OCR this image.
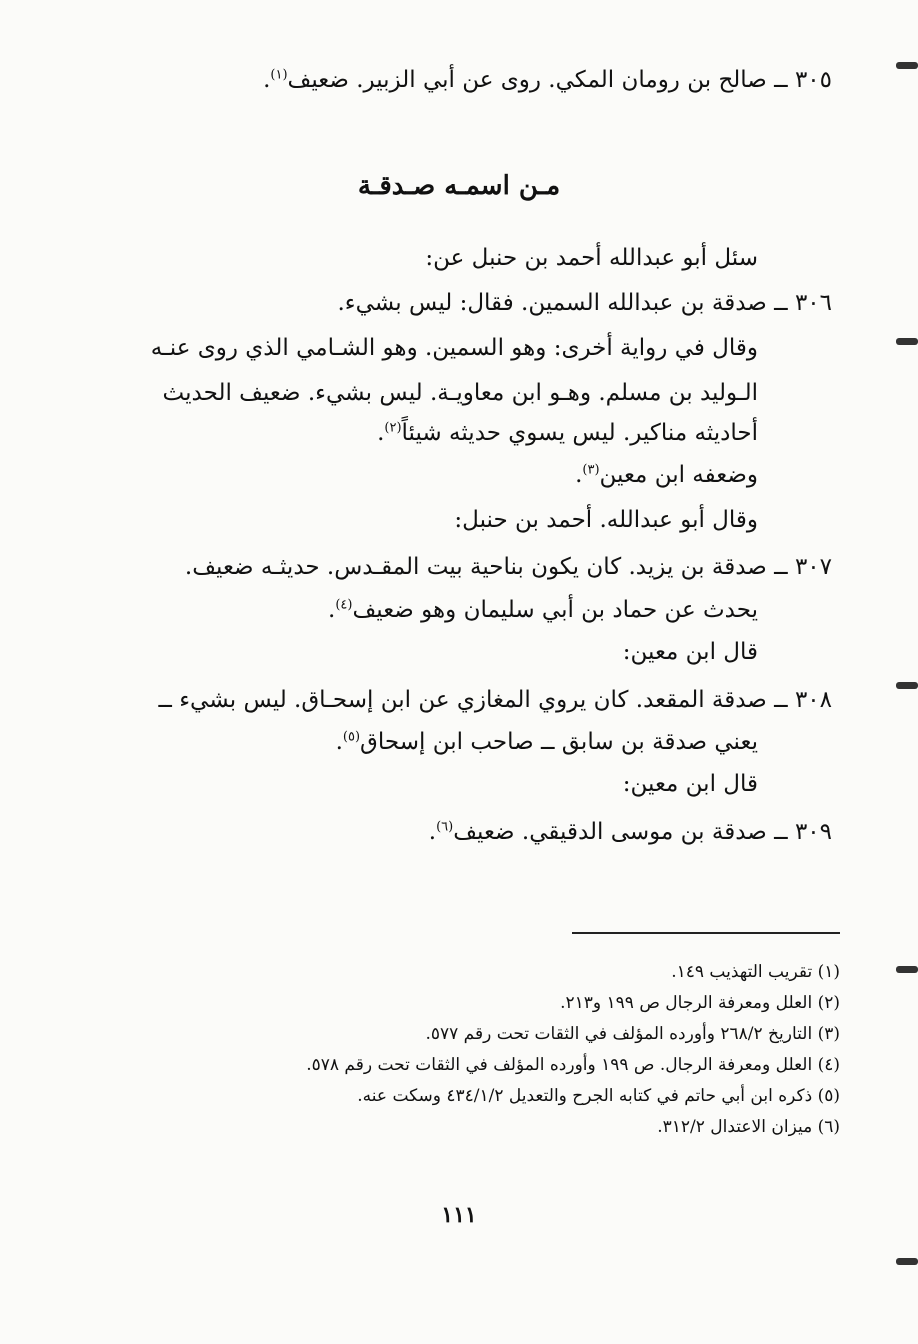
٣٠٥ ــ صالح بن رومان المكي. روى عن أبي الزبير. ضعيف$^{(١)}$.
مـن اسمـه صـدقـة
سئل أبو عبدالله أحمد بن حنبل عن:
٣٠٦ ــ صدقة بن عبدالله السمين. فقال: ليس بشيء.
وقال في رواية أخرى: وهو السمين. وهو الشـامي الذي روى عنـه
الـوليد بن مسلم. وهـو ابن معاويـة. ليس بشيء. ضعيف الحديث
أحاديثه مناكير. ليس يسوي حديثه شيئاً$^{(٢)}$.
وضعفه ابن معين$^{(٣)}$.
وقال أبو عبدالله. أحمد بن حنبل:
٣٠٧ ــ صدقة بن يزيد. كان يكون بناحية بيت المقـدس. حديثـه ضعيف.
يحدث عن حماد بن أبي سليمان وهو ضعيف$^{(٤)}$.
قال ابن معين:
٣٠٨ ــ صدقة المقعد. كان يروي المغازي عن ابن إسحـاق. ليس بشيء ــ
يعني صدقة بن سابق ــ صاحب ابن إسحاق$^{(٥)}$.
قال ابن معين:
٣٠٩ ــ صدقة بن موسى الدقيقي. ضعيف$^{(٦)}$.
(١) تقريب التهذيب ١٤٩.
(٢) العلل ومعرفة الرجال ص ١٩٩ و٢١٣.
(٣) التاريخ ٢٦٨/٢ وأورده المؤلف في الثقات تحت رقم ٥٧٧.
(٤) العلل ومعرفة الرجال. ص ١٩٩ وأورده المؤلف في الثقات تحت رقم ٥٧٨.
(٥) ذكره ابن أبي حاتم في كتابه الجرح والتعديل ٤٣٤/١/٢ وسكت عنه.
(٦) ميزان الاعتدال ٣١٢/٢.
١١١
